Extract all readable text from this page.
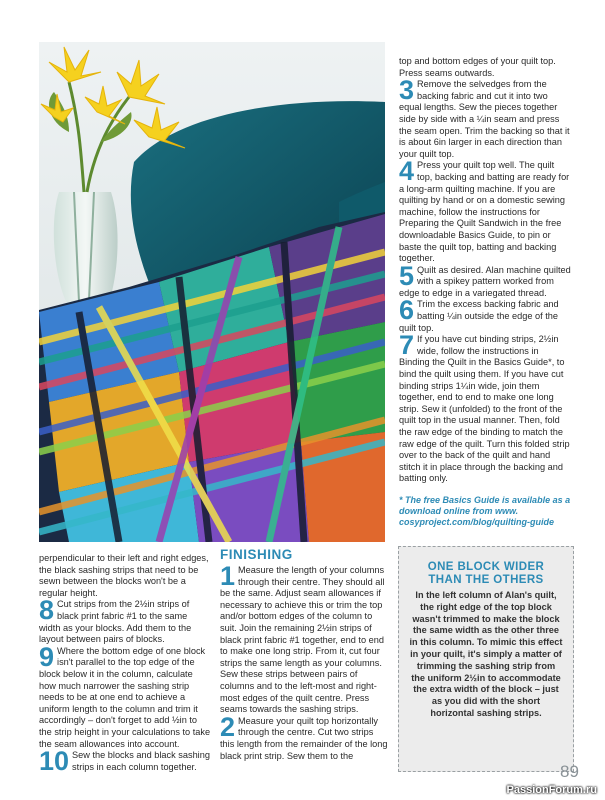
top and bottom edges of your quilt top. Press seams outwards.

3 Remove the selvedges from the backing fabric and cut it into two equal lengths. Sew the pieces together side by side with a ¼in seam and press the seam open. Trim the backing so that it is about 6in larger in each direction than your quilt top.
4 Press your quilt top well. The quilt top, backing and batting are ready for a long-arm quilting machine. If you are quilting by hand or on a domestic sewing machine, follow the instructions for Preparing the Quilt Sandwich in the free downloadable Basics Guide, to pin or baste the quilt top, batting and backing together.
5 Quilt as desired. Alan machine quilted with a spikey pattern worked from edge to edge in a variegated thread.
6 Trim the excess backing fabric and batting ¼in outside the edge of the quilt top.
7 If you have cut binding strips, 2½in wide, follow the instructions in Binding the Quilt in the Basics Guide*, to bind the quilt using them. If you have cut binding strips 1¼in wide, join them together, end to end to make one long strip. Sew it (unfolded) to the front of the quilt top in the usual manner. Then, fold the raw edge of the binding to match the raw edge of the quilt. Turn this folded strip over to the back of the quilt and hand stitch it in place through the backing and batting only.
* The free Basics Guide is available as a download online from www. cosyproject.com/blog/quilting-guide

perpendicular to their left and right edges, the black sashing strips that need to be sewn between the blocks won't be a regular height.

8 Cut strips from the 2½in strips of black print fabric #1 to the same width as your blocks. Add them to the layout between pairs of blocks.
9 Where the bottom edge of one block isn't parallel to the top edge of the block below it in the column, calculate how much narrower the sashing strip needs to be at one end to achieve a uniform length to the column and trim it accordingly – don't forget to add ½in to the strip height in your calculations to take the seam allowances into account.
10 Sew the blocks and black sashing strips in each column together.
FINISHING
1 Measure the length of your columns through their centre. They should all be the same. Adjust seam allowances if necessary to achieve this or trim the top and/or bottom edges of the column to suit. Join the remaining 2½in strips of black print fabric #1 together, end to end to make one long strip. From it, cut four strips the same length as your columns. Sew these strips between pairs of columns and to the left-most and right-most edges of the quilt centre. Press seams towards the sashing strips.
2 Measure your quilt top horizontally through the centre. Cut two strips this length from the remainder of the long black print strip. Sew them to the
ONE BLOCK WIDER
THAN THE OTHERS
In the left column of Alan's quilt, the right edge of the top block wasn't trimmed to make the block the same width as the other three in this column. To mimic this effect in your quilt, it's simply a matter of trimming the sashing strip from the uniform 2½in to accommodate the extra width of the block – just as you did with the short horizontal sashing strips.
89
PassionForum.ru
